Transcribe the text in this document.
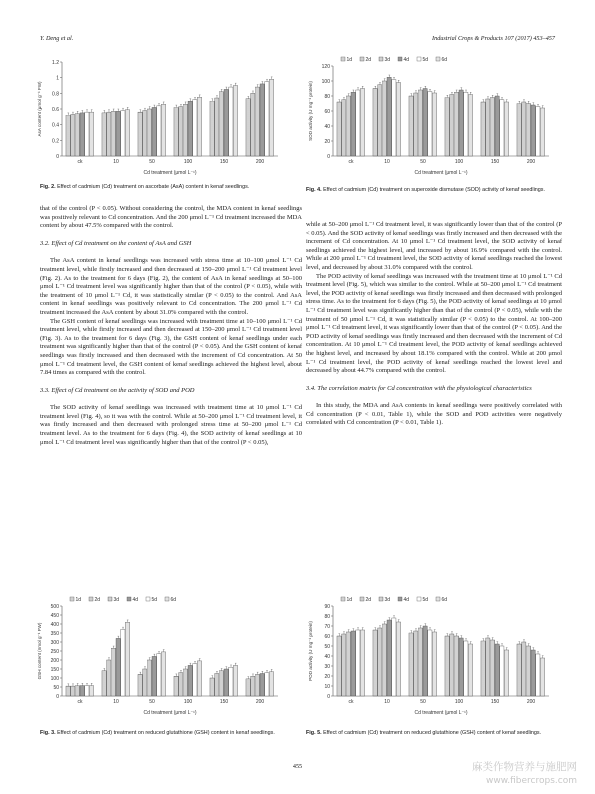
Y. Deng et al.	Industrial Crops & Products 107 (2017) 453–457
0
0.2
0.4
0.6
0.8
1
1.2
AsA content (μmol g⁻¹ FW)
ck	10	50	100	150	200
Cd treatment (μmol L⁻¹)
Fig. 2. Effect of cadmium (Cd) treatment on ascorbate (AsA) content in kenaf seedlings.
0
20
40
60
80
100
120
SOD activity (U mg⁻¹ protein)
ck	10	50	100	150	200
Cd treatment (μmol L⁻¹)
1d	2d	3d	4d	5d	6d
Fig. 4. Effect of cadmium (Cd) treatment on superoxide dismutase (SOD) activity of kenaf seedlings.

that of the control (P < 0.05). Without considering the control, the MDA content in kenaf seedlings was positively relevant to Cd concentration. And the 200 μmol L⁻¹ Cd treatment increased the MDA content by about 47.5% compared with the control.

3.2. Effect of Cd treatment on the content of AsA and GSH

The AsA content in kenaf seedlings was increased with stress time at 10–100 μmol L⁻¹ Cd treatment level, while firstly increased and then decreased at 150–200 μmol L⁻¹ Cd treatment level (Fig. 2). As to the treatment for 6 days (Fig. 2), the content of AsA in kenaf seedlings at 50–100 μmol L⁻¹ Cd treatment level was significantly higher than that of the control (P < 0.05), while with the treatment of 10 μmol L⁻¹ Cd, it was statistically similar (P < 0.05) to the control. And AsA content in kenaf seedlings was positively relevant to Cd concentration. The 200 μmol L⁻¹ Cd treatment increased the AsA content by about 31.0% compared with the control.

The GSH content of kenaf seedlings was increased with treatment time at 10–100 μmol L⁻¹ Cd treatment level, while firstly increased and then decreased at 150–200 μmol L⁻¹ Cd treatment level (Fig. 3). As to the treatment for 6 days (Fig. 3), the GSH content of kenaf seedlings under each treatment was significantly higher than that of the control (P < 0.05). And the GSH content of kenaf seedlings was firstly increased and then decreased with the increment of Cd concentration. At 50 μmol L⁻¹ Cd treatment level, the GSH content of kenaf seedlings achieved the highest level, about 7.84 times as compared with the control.

3.3. Effect of Cd treatment on the activity of SOD and POD

The SOD activity of kenaf seedlings was increased with treatment time at 10 μmol L⁻¹ Cd treatment level (Fig. 4), so it was with the control. While at 50–200 μmol L⁻¹ Cd treatment level, it was firstly increased and then decreased with prolonged stress time at 50–200 μmol L⁻¹ Cd treatment level. As to the treatment for 6 days (Fig. 4), the SOD activity of kenaf seedlings at 10 μmol L⁻¹ Cd treatment level was significantly higher than that of the control (P < 0.05),

while at 50–200 μmol L⁻¹ Cd treatment level, it was significantly lower than that of the control (P < 0.05). And the SOD activity of kenaf seedlings was firstly increased and then decreased with the increment of Cd concentration. At 10 μmol L⁻¹ Cd treatment level, the SOD activity of kenaf seedlings achieved the highest level, and increased by about 16.9% compared with the control. While at 200 μmol L⁻¹ Cd treatment level, the SOD activity of kenaf seedlings reached the lowest level, and decreased by about 31.0% compared with the control.

The POD activity of kenaf seedlings was increased with the treatment time at 10 μmol L⁻¹ Cd treatment level (Fig. 5), which was similar to the control. While at 50–200 μmol L⁻¹ Cd treatment level, the POD activity of kenaf seedlings was firstly increased and then decreased with prolonged stress time. As to the treatment for 6 days (Fig. 5), the POD activity of kenaf seedlings at 10 μmol L⁻¹ Cd treatment level was significantly higher than that of the control (P < 0.05), while with the treatment of 50 μmol L⁻¹ Cd, it was statistically similar (P < 0.05) to the control. At 100–200 μmol L⁻¹ Cd treatment level, it was significantly lower than that of the control (P < 0.05). And the POD activity of kenaf seedlings was firstly increased and then decreased with the increment of Cd concentration. At 10 μmol L⁻¹ Cd treatment level, the POD activity of kenaf seedlings achieved the highest level, and increased by about 18.1% compared with the control. While at 200 μmol L⁻¹ Cd treatment level, the POD activity of kenaf seedlings reached the lowest level and decreased by about 44.7% compared with the control.

3.4. The correlation matrix for Cd concentration with the physiological characteristics

In this study, the MDA and AsA contents in kenaf seedlings were positively correlated with Cd concentration (P < 0.01, Table 1), while the SOD and POD activities were negatively correlated with Cd concentration (P < 0.01, Table 1).

0
50
100
150
200
250
300
350
400
450
500
GSH content (nmol g⁻¹ FW)
ck	10	50	100	150	200
Cd treatment (μmol L⁻¹)
1d	2d	3d	4d	5d	6d
Fig. 3. Effect of cadmium (Cd) treatment on reduced glutathione (GSH) content in kenaf seedlings.
0
10
20
30
40
50
60
70
80
90
POD activity (U mg⁻¹ protein)
ck	10	50	100	150	200
Cd treatment (μmol L⁻¹)
1d	2d	3d	4d	5d	6d
Fig. 5. Effect of cadmium (Cd) treatment on reduced glutathione (GSH) content of kenaf seedlings.
455	麻类作物营养与施肥网
www.fibercrops.com
